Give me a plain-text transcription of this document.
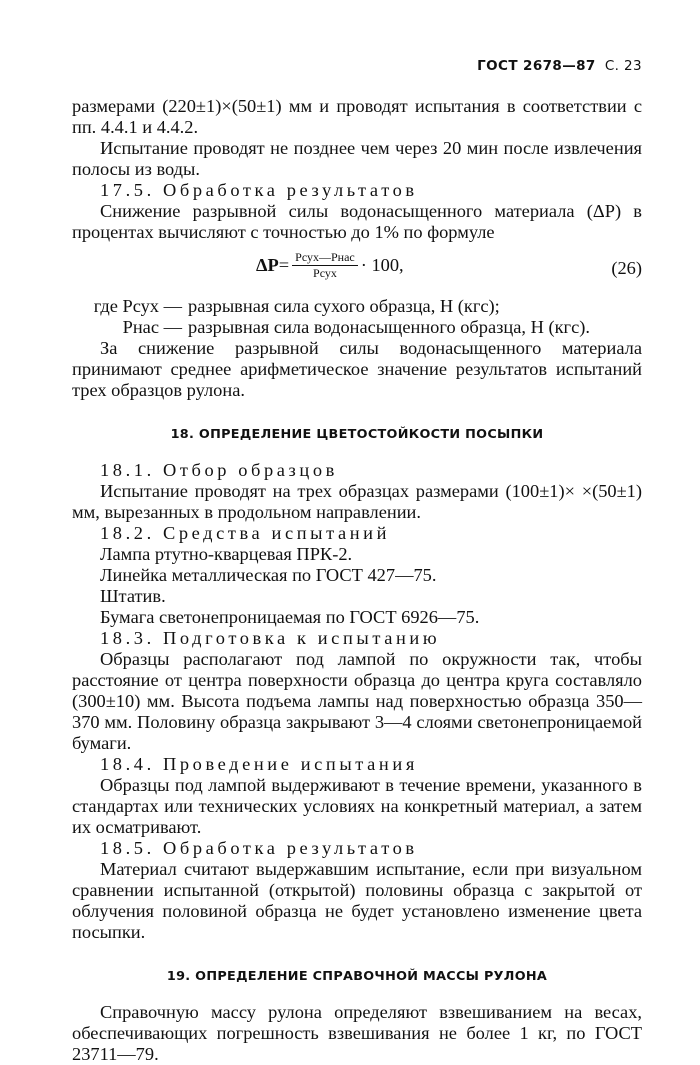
ГОСТ 2678—87 С. 23

размерами (220±1)×(50±1) мм и проводят испытания в соответствии с пп. 4.4.1 и 4.4.2.

Испытание проводят не позднее чем через 20 мин после извлечения полосы из воды.

17.5. Обработка результатов

Снижение разрывной силы водонасыщенного материала (ΔP) в процентах вычисляют с точностью до 1% по формуле

$\Delta P = \frac{\text{Pсух—Pнас}}{\text{Pсух}} \cdot 100$,	(26)
где Pсух — разрывная сила сухого образца, Н (кгс);
Pнас — разрывная сила водонасыщенного образца, Н (кгс).

За снижение разрывной силы водонасыщенного материала принимают среднее арифметическое значение результатов испытаний трех образцов рулона.

18. ОПРЕДЕЛЕНИЕ ЦВЕТОСТОЙКОСТИ ПОСЫПКИ

18.1. Отбор образцов

Испытание проводят на трех образцах размерами (100±1)× ×(50±1) мм, вырезанных в продольном направлении.

18.2. Средства испытаний

Лампа ртутно-кварцевая ПРК-2.

Линейка металлическая по ГОСТ 427—75.

Штатив.

Бумага светонепроницаемая по ГОСТ 6926—75.

18.3. Подготовка к испытанию

Образцы располагают под лампой по окружности так, чтобы расстояние от центра поверхности образца до центра круга составляло (300±10) мм. Высота подъема лампы над поверхностью образца 350—370 мм. Половину образца закрывают 3—4 слоями светонепроницаемой бумаги.

18.4. Проведение испытания

Образцы под лампой выдерживают в течение времени, указанного в стандартах или технических условиях на конкретный материал, а затем их осматривают.

18.5. Обработка результатов

Материал считают выдержавшим испытание, если при визуальном сравнении испытанной (открытой) половины образца с закрытой от облучения половиной образца не будет установлено изменение цвета посыпки.

19. ОПРЕДЕЛЕНИЕ СПРАВОЧНОЙ МАССЫ РУЛОНА

Справочную массу рулона определяют взвешиванием на весах, обеспечивающих погрешность взвешивания не более 1 кг, по ГОСТ 23711—79.
